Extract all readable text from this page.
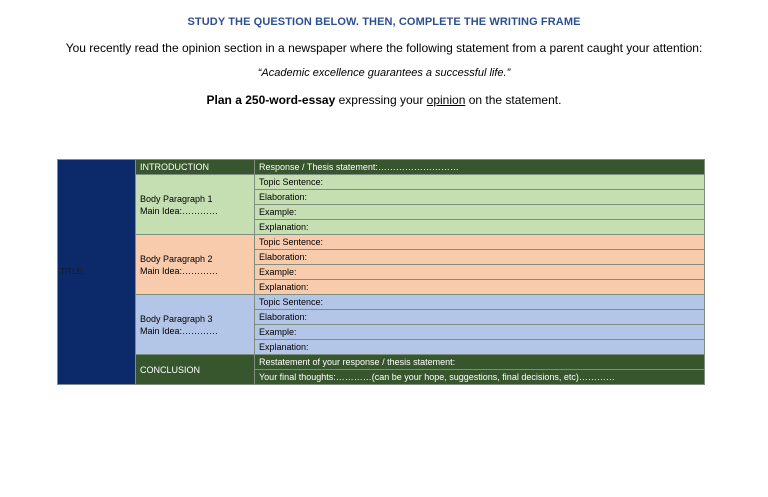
STUDY THE QUESTION BELOW. THEN, COMPLETE THE WRITING FRAME
You recently read the opinion section in a newspaper where the following statement from a parent caught your attention:
“Academic excellence guarantees a successful life.”
Plan a 250-word-essay expressing your opinion on the statement.
TITLE:	INTRODUCTION	Response / Thesis statement:………………………

	Body Paragraph 1
Main Idea:…………	Topic Sentence:
		Elaboration:
		Example:
		Explanation:

	Body Paragraph 2
Main Idea:…………	Topic Sentence:
		Elaboration:
		Example:
		Explanation:

	Body Paragraph 3
Main Idea:…………	Topic Sentence:
		Elaboration:
		Example:
		Explanation:
	CONCLUSION	Restatement of your response / thesis statement:
		Your final thoughts:…………(can be your hope, suggestions, final decisions, etc)…………
